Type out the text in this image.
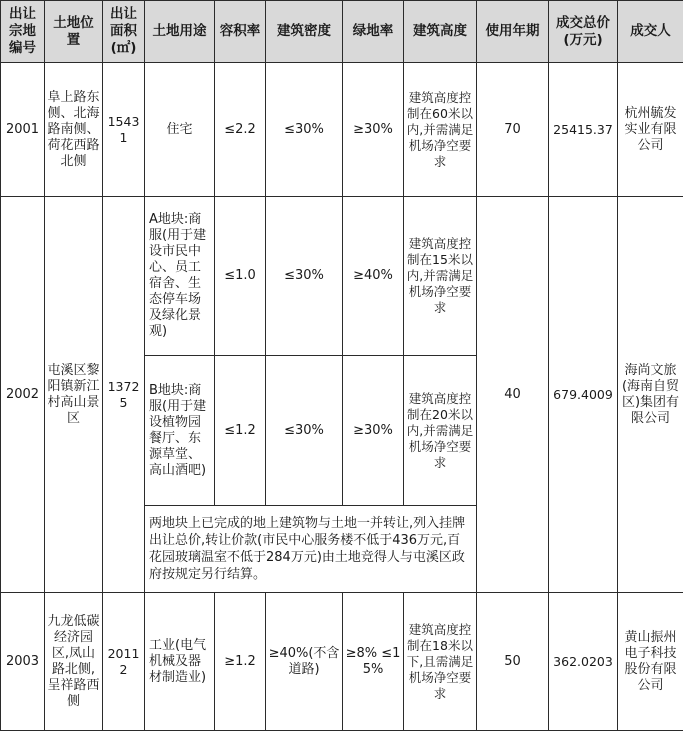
出让宗地编号	土地位置	出让面积(㎡)	土地用途	容积率	建筑密度	绿地率	建筑高度	使用年期	成交总价(万元)	成交人
2001	阜上路东侧、北海路南侧、荷花西路北侧	15431	住宅	≤2.2	≤30%	≥30%	建筑高度控制在60米以内,并需满足机场净空要求	70	25415.37	杭州毓发实业有限公司
2002	屯溪区黎阳镇新江村高山景区	13725	A地块:商服(用于建设市民中心、员工宿舍、生态停车场及绿化景观)	≤1.0	≤30%	≥40%	建筑高度控制在15米以内,并需满足机场净空要求	40	679.4009	海尚文旅(海南自贸区)集团有限公司
			B地块:商服(用于建设植物园餐厅、东源草堂、高山酒吧)	≤1.2	≤30%	≥30%	建筑高度控制在20米以内,并需满足机场净空要求			
			两地块上已完成的地上建筑物与土地一并转让,列入挂牌出让总价,转让价款(市民中心服务楼不低于436万元,百花园玻璃温室不低于284万元)由土地竞得人与屯溪区政府按规定另行结算。							
2003	九龙低碳经济园区,凤山路北侧,呈祥路西侧	20112	工业(电气机械及器材制造业)	≥1.2	≥40%(不含道路)	≥8% ≤15%	建筑高度控制在18米以下,且需满足机场净空要求	50	362.0203	黄山振州电子科技股份有限公司
